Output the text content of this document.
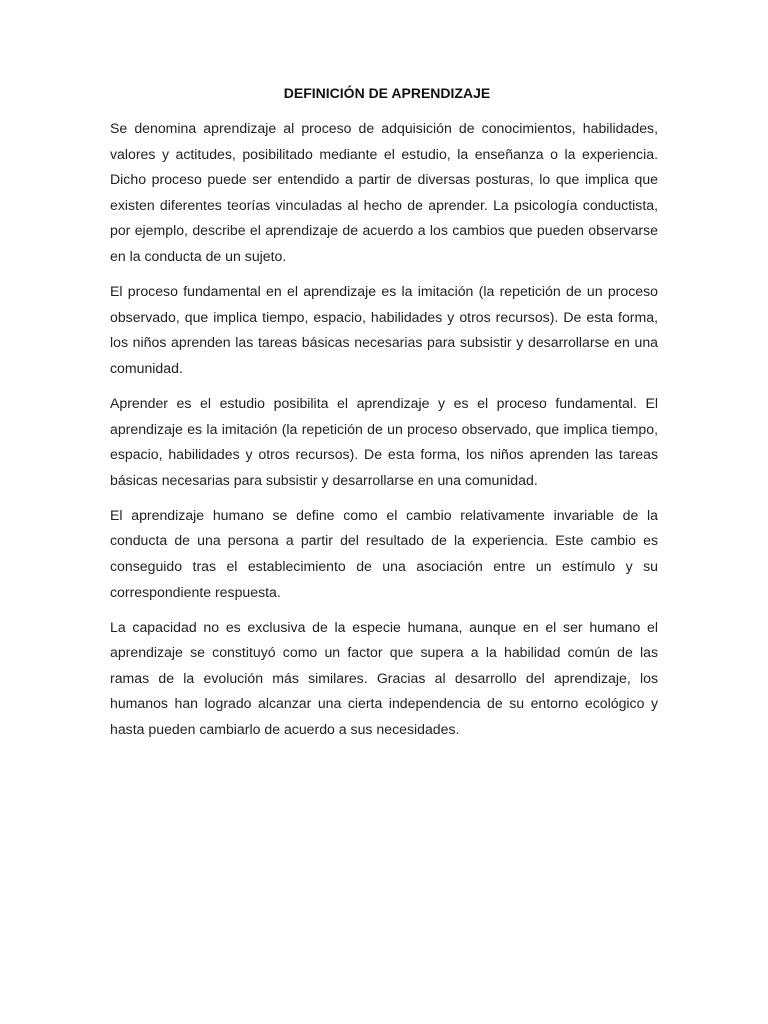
DEFINICIÓN DE APRENDIZAJE

Se denomina aprendizaje al proceso de adquisición de conocimientos, habilidades, valores y actitudes, posibilitado mediante el estudio, la enseñanza o la experiencia. Dicho proceso puede ser entendido a partir de diversas posturas, lo que implica que existen diferentes teorías vinculadas al hecho de aprender. La psicología conductista, por ejemplo, describe el aprendizaje de acuerdo a los cambios que pueden observarse en la conducta de un sujeto.

El proceso fundamental en el aprendizaje es la imitación (la repetición de un proceso observado, que implica tiempo, espacio, habilidades y otros recursos). De esta forma, los niños aprenden las tareas básicas necesarias para subsistir y desarrollarse en una comunidad.

Aprender es el estudio posibilita el aprendizaje y es el proceso fundamental. El aprendizaje es la imitación (la repetición de un proceso observado, que implica tiempo, espacio, habilidades y otros recursos). De esta forma, los niños aprenden las tareas básicas necesarias para subsistir y desarrollarse en una comunidad.

El aprendizaje humano se define como el cambio relativamente invariable de la conducta de una persona a partir del resultado de la experiencia. Este cambio es conseguido tras el establecimiento de una asociación entre un estímulo y su correspondiente respuesta.

La capacidad no es exclusiva de la especie humana, aunque en el ser humano el aprendizaje se constituyó como un factor que supera a la habilidad común de las ramas de la evolución más similares. Gracias al desarrollo del aprendizaje, los humanos han logrado alcanzar una cierta independencia de su entorno ecológico y hasta pueden cambiarlo de acuerdo a sus necesidades.
